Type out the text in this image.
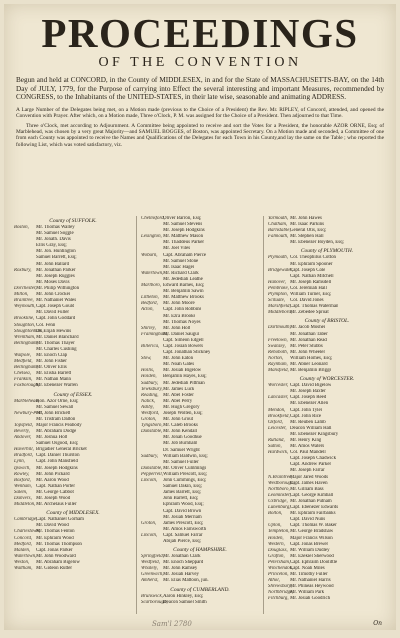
PROCEEDINGS
OF THE CONVENTION
Begun and held at CONCORD, in the County of MIDDLESEX, in and for the State of MASSACHUSETTS-BAY, on the 14th Day of JULY, 1779, for the Purpose of carrying into Effect the several interesting and important Measures, recommended by CONGRESS, to the Inhabitants of the UNITED-STATES, in their late wise, seasonable and animating ADDRESS.
A Large Number of the Delegates being met, on a Motion made (previous to the Choice of a President) the Rev. Mr. RIPLEY, of Concord, attended, and opened the Convention with Prayer. After which, on a Motion made, Three o'Clock, P. M. was assigned for the Choice of a President. Then adjourned to that Time.
Three o'Clock, met according to Adjournment. A Committee being appointed to receive and sort the Votes for a President, the honorable AZOR ORNE, Esq; of Marblehead, was chosen by a very great Majority—and SAMUEL BOGGES, of Boston, was appointed Secretary. On a Motion made and seconded, a Committee of one from each County was appointed to receive the Names and Qualifications of the Delegates for each Town in his County,and lay the same on the Table ; who reported the following List, which was voted satisfactory, viz.
County of SUFFOLK.
Boston,	Mr. Thomas Walley
Mr. Samuel Soggle
Mr. Jonath. Davis
Ellis Gray, Esq;
Mr. Jon. Huntington
Samuel Barrett, Esq;
Mr. John Ballard
Roxbury, Mr. Jonathan Parker
Mr. Joseph Ruggles
Mr. Moses Davis
Dorchester, Mr. Philip Withington
Milton,	Mr. John Crocker
Braintree, Mr. Nathaniel Wales
Weymouth, Capt. Joseph Gould
Mr. David Fuller
Brookline, Capt. John Goddard
Stoughton, Col. Fenn
Stoughtonham,
Dr. Elijah Hewins
Wrentham, Mr. Daniel Blanchard
Bellingham,
Mr. Thomas Thayer
Mr. Charles Cushing
Walpole,	Mr. Enoch Clap
Medfield, Mr. John Fisher
Bellingham,
Mr. Oliver Ellis
Chelsea,	Mr. Elisha Barrett
Franklin, Mr. Nathan Mann
Foxborough,
Mr. Ebenezer Warren
County of ESSEX.
Marblehead,
Hon. Azor Orne, Esq;
Mr. Samuel Sewall
Newbury-Port,
Mr. John Brickett
Mr. Tristram Dalton
Topsfield, Major Francis Peabody
Beverly,	Mr. Abraham Dodge
Andover, Mr. Joshua Holt
Samuel Osgood, Esq;
Haverhill, Brigadier General Bricket
Bradford, Capt. Daniel Thurston
Lynn,	Capt. John Mansfield
Ipswich,	Mr. Joseph Hodgkins
Rowley,	Mr. John Pickard
Boxford,	Mr. Aaron Wood
Wenham, Capt. Nathan Porter
Salem,	Mr. George Cabbot
Danvers, Mr. Joseph Wood
Middleton, Mr. Archelaus Fuller
County of MIDDLESEX.
Cambridge,
Capt. Nathaniel Gorham
Mr. David Wood
Charlestown,
Mr. Thomas Fenton
Concord, Mr. Ephraim Wood
Medford, Mr. Thomas Thompson
Malden,	Capt. Jonas Parker
Watertown, Mr. John Woodward
Weston,	Mr. Abraham Bigelow
Waltham, Mr. Gideon Rutter
Chelmsford,
Oliver Barron, Esq;
Mr. Samuel Stevens
Mr. Joseph Hodgkins
Lexington, Mr. Matthew Mason
Mr. Thaddeus Parker
Mr. Joel Viles
Woburn,	Capt. Abraham Pierce
Mr. Samuel Stone
Mr. Isaac Hager
Watertown, Mr. Richard Clark
Mr. Jedediah Leathe
Marlboro, Edward Barnes, Esq;
Mr. Benjamin Sawin
Littleton, Mr. Matthew Brooks
Bedford,	Mr. John Moore
Acton,	Capt. John Robbins
Mr. Ezra Brooks
Mr. Thomas Noyes
Shirley,	Mr. John Holt
Framingham,
Mr. Daniel Saugur
Capt. Simeon Edgell
Billerica, Capt. Josiah Bowers
Capt. Jonathan Stickney
Stow,	Mr. John Eaton
Mr. Noah Gates
Hollis,	Mr. Josiah Bigelow
Holden,	Benjamin Hayes, Esq;
Sudbury, Mr. Jedediah Pittman
Tewksbury, Mr. James Luck
Reading, Mr. Abel Foster
Natick,	Mr. Abel Perry
Ashby,	Mr. Hugh Gregory
Westford, Joseph Wolten, Esq;
Groton,	Mr. John Grout
Tyngsboro, Mr. Caleb Brooks
Dunstable, Mr. John Kendall
Mr. Jonah Goodhue
Mr. Job Burnham
Dr. Samuel Wright
Sudbury, William Baldwin, Esq;
Mr. Samuel Fuller
Dunstable, Mr. Oliver Cummings
Pepperrell, William Prescott, Esq;
Lincoln,	John Cummings, Esq;
Samuel Dakin, Esq;
James Barrett, Esq;
John Barrett, Esq;
Ephraim Wood, Esq;
Capt. David Brown
Mr. Josiah Merriam
Groton,	James Prescott, Esq;
Mr. Amos Farnsworth
Lincoln,	Capt. Samuel Farrar
Abijah Pierce, Esq;
County of HAMPSHIRE.
Springfield, Mr. Jonathan Clark
Westfield, Mr. Enoch Sheppard
Whately,	Mr. John Ramsey
Greenwich, Mr. Josiah Harvey
Amherst, Mr. Elias Mattoon, jun.
County of CUMBERLAND.
Brunswick, Aaron Hinkley, Esq;
Scarborough,
Deacon Samuel Smith
Yarmouth, Mr. John Hawes
Chatham, Mr. Isaac Parkins
Barnstable, General Otis, Esq;
Falmouth, Mr. Stephen Hall
Mr. Ebenezer Boyden, Esq;
County of PLYMOUTH.
Plymouth, Col. Theophilus Cotton
Mr. Ephraim Spooner
Bridgewater,
Capt. Joseph Cole
Capt. Nathan Mitchell
Hanover, Mr. Joseph Ramsdell
Pembroke, Col. Jeremiah Hall
Plympton, William Turner, Esq;
Scituate,	Col. David Jones
Marshfield, Capt. Thomas Waterman
Middleboro,
Mr. Zebedee Sproat
County of BRISTOL.
Dartmouth, Mr. Jacob Mosher
Mr. Jonathan Taber
Freetown, Mr. Jonathan Read
Swanzey, Mr. Peter Stubbs
Rehoboth, Mr. John Wheeler
Norton,	William Homes, Esq;
Raynham, Mr. Abner Leonard
Mansfield, Mr. Benjamin Briggs
County of WORCESTER.
Worcester, Capt. David Bigelow
Mr. Joseph Baxter
Lancaster, Capt. Joseph Reed
Mr. Ebenezer Allen
Mendon, Capt. John Tyler
Brookfield, Capt. John Rice
Oxford,	Mr. Reuben Lamb
Leicester, Deacon William Hall
Mr. Ebenezer Kingsbury
Rutland,	Mr. Henry King
Sutton,	Mr. Amos Waters
Hardwick, Col. Paul Mandell
Capt. Joseph Chadwick
Capt. Andrew Parker
Mr. Joseph Farrar
N.Braintree,
Major Jared Woods
Westborough,
Capt. James Haven
Northboro, Mr. Gilliam Bass
Leominster, Capt. George Kimball
Uxbridge, Mr. Jonathan Putnam
Lunenburg, Capt. Ebenezer Edwards
Bolton,	Mr. Ephraim Fairbanks
Capt. David Nuns
Upton,	Capt. Thomas W. Baker
Templeton, Mr. George Bradshaw
Holden,	Major Francis Wilson
Western,	Capt. Jonas Brewer
Douglass, Mr. William Dudley
Grafton,	Mr. Ezekiel Sherwood
Petersham, Capt. Ephraim Doolittle
Winchendon,
Capt. Noah Miles
Princeton, Mr. Timothy Fuller
Athol,	Mr. Nathaniel Harris
Shrewsbury,
Mr. Phineas Heywood
Northbridge,
Mr. William Park
Fitchburg, Mr. Josiah Goodrich
Sam'l 2780	On
